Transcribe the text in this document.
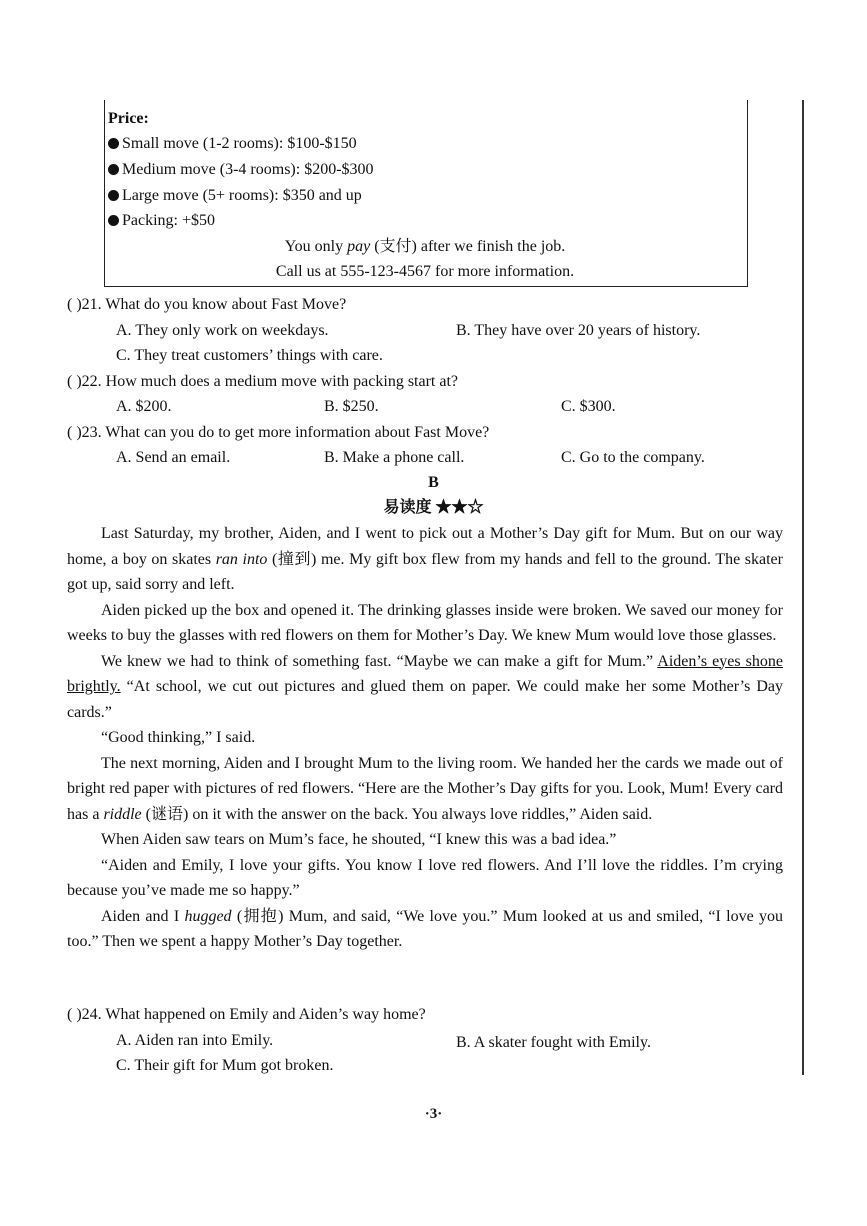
Price:
Small move (1-2 rooms): $100-$150
Medium move (3-4 rooms): $200-$300
Large move (5+ rooms): $350 and up
Packing: +$50
You only pay (支付) after we finish the job.
Call us at 555-123-4567 for more information.
( )21. What do you know about Fast Move?
A. They only work on weekdays.	B. They have over 20 years of history.
C. They treat customers’ things with care.
( )22. How much does a medium move with packing start at?
A. $200.	B. $250.	C. $300.
( )23. What can you do to get more information about Fast Move?
A. Send an email.	B. Make a phone call.	C. Go to the company.
B
易读度 ★★☆

Last Saturday, my brother, Aiden, and I went to pick out a Mother’s Day gift for Mum. But on our way home, a boy on skates ran into (撞到) me. My gift box flew from my hands and fell to the ground. The skater got up, said sorry and left.

Aiden picked up the box and opened it. The drinking glasses inside were broken. We saved our money for weeks to buy the glasses with red flowers on them for Mother’s Day. We knew Mum would love those glasses.

We knew we had to think of something fast. “Maybe we can make a gift for Mum.” Aiden’s eyes shone brightly. “At school, we cut out pictures and glued them on paper. We could make her some Mother’s Day cards.”

“Good thinking,” I said.

The next morning, Aiden and I brought Mum to the living room. We handed her the cards we made out of bright red paper with pictures of red flowers. “Here are the Mother’s Day gifts for you. Look, Mum! Every card has a riddle (谜语) on it with the answer on the back. You always love riddles,” Aiden said.

When Aiden saw tears on Mum’s face, he shouted, “I knew this was a bad idea.”

“Aiden and Emily, I love your gifts. You know I love red flowers. And I’ll love the riddles. I’m crying because you’ve made me so happy.”

Aiden and I hugged (拥抱) Mum, and said, “We love you.” Mum looked at us and smiled, “I love you too.” Then we spent a happy Mother’s Day together.

( )24. What happened on Emily and Aiden’s way home?
A. Aiden ran into Emily.	B. A skater fought with Emily.
C. Their gift for Mum got broken.
·3·
